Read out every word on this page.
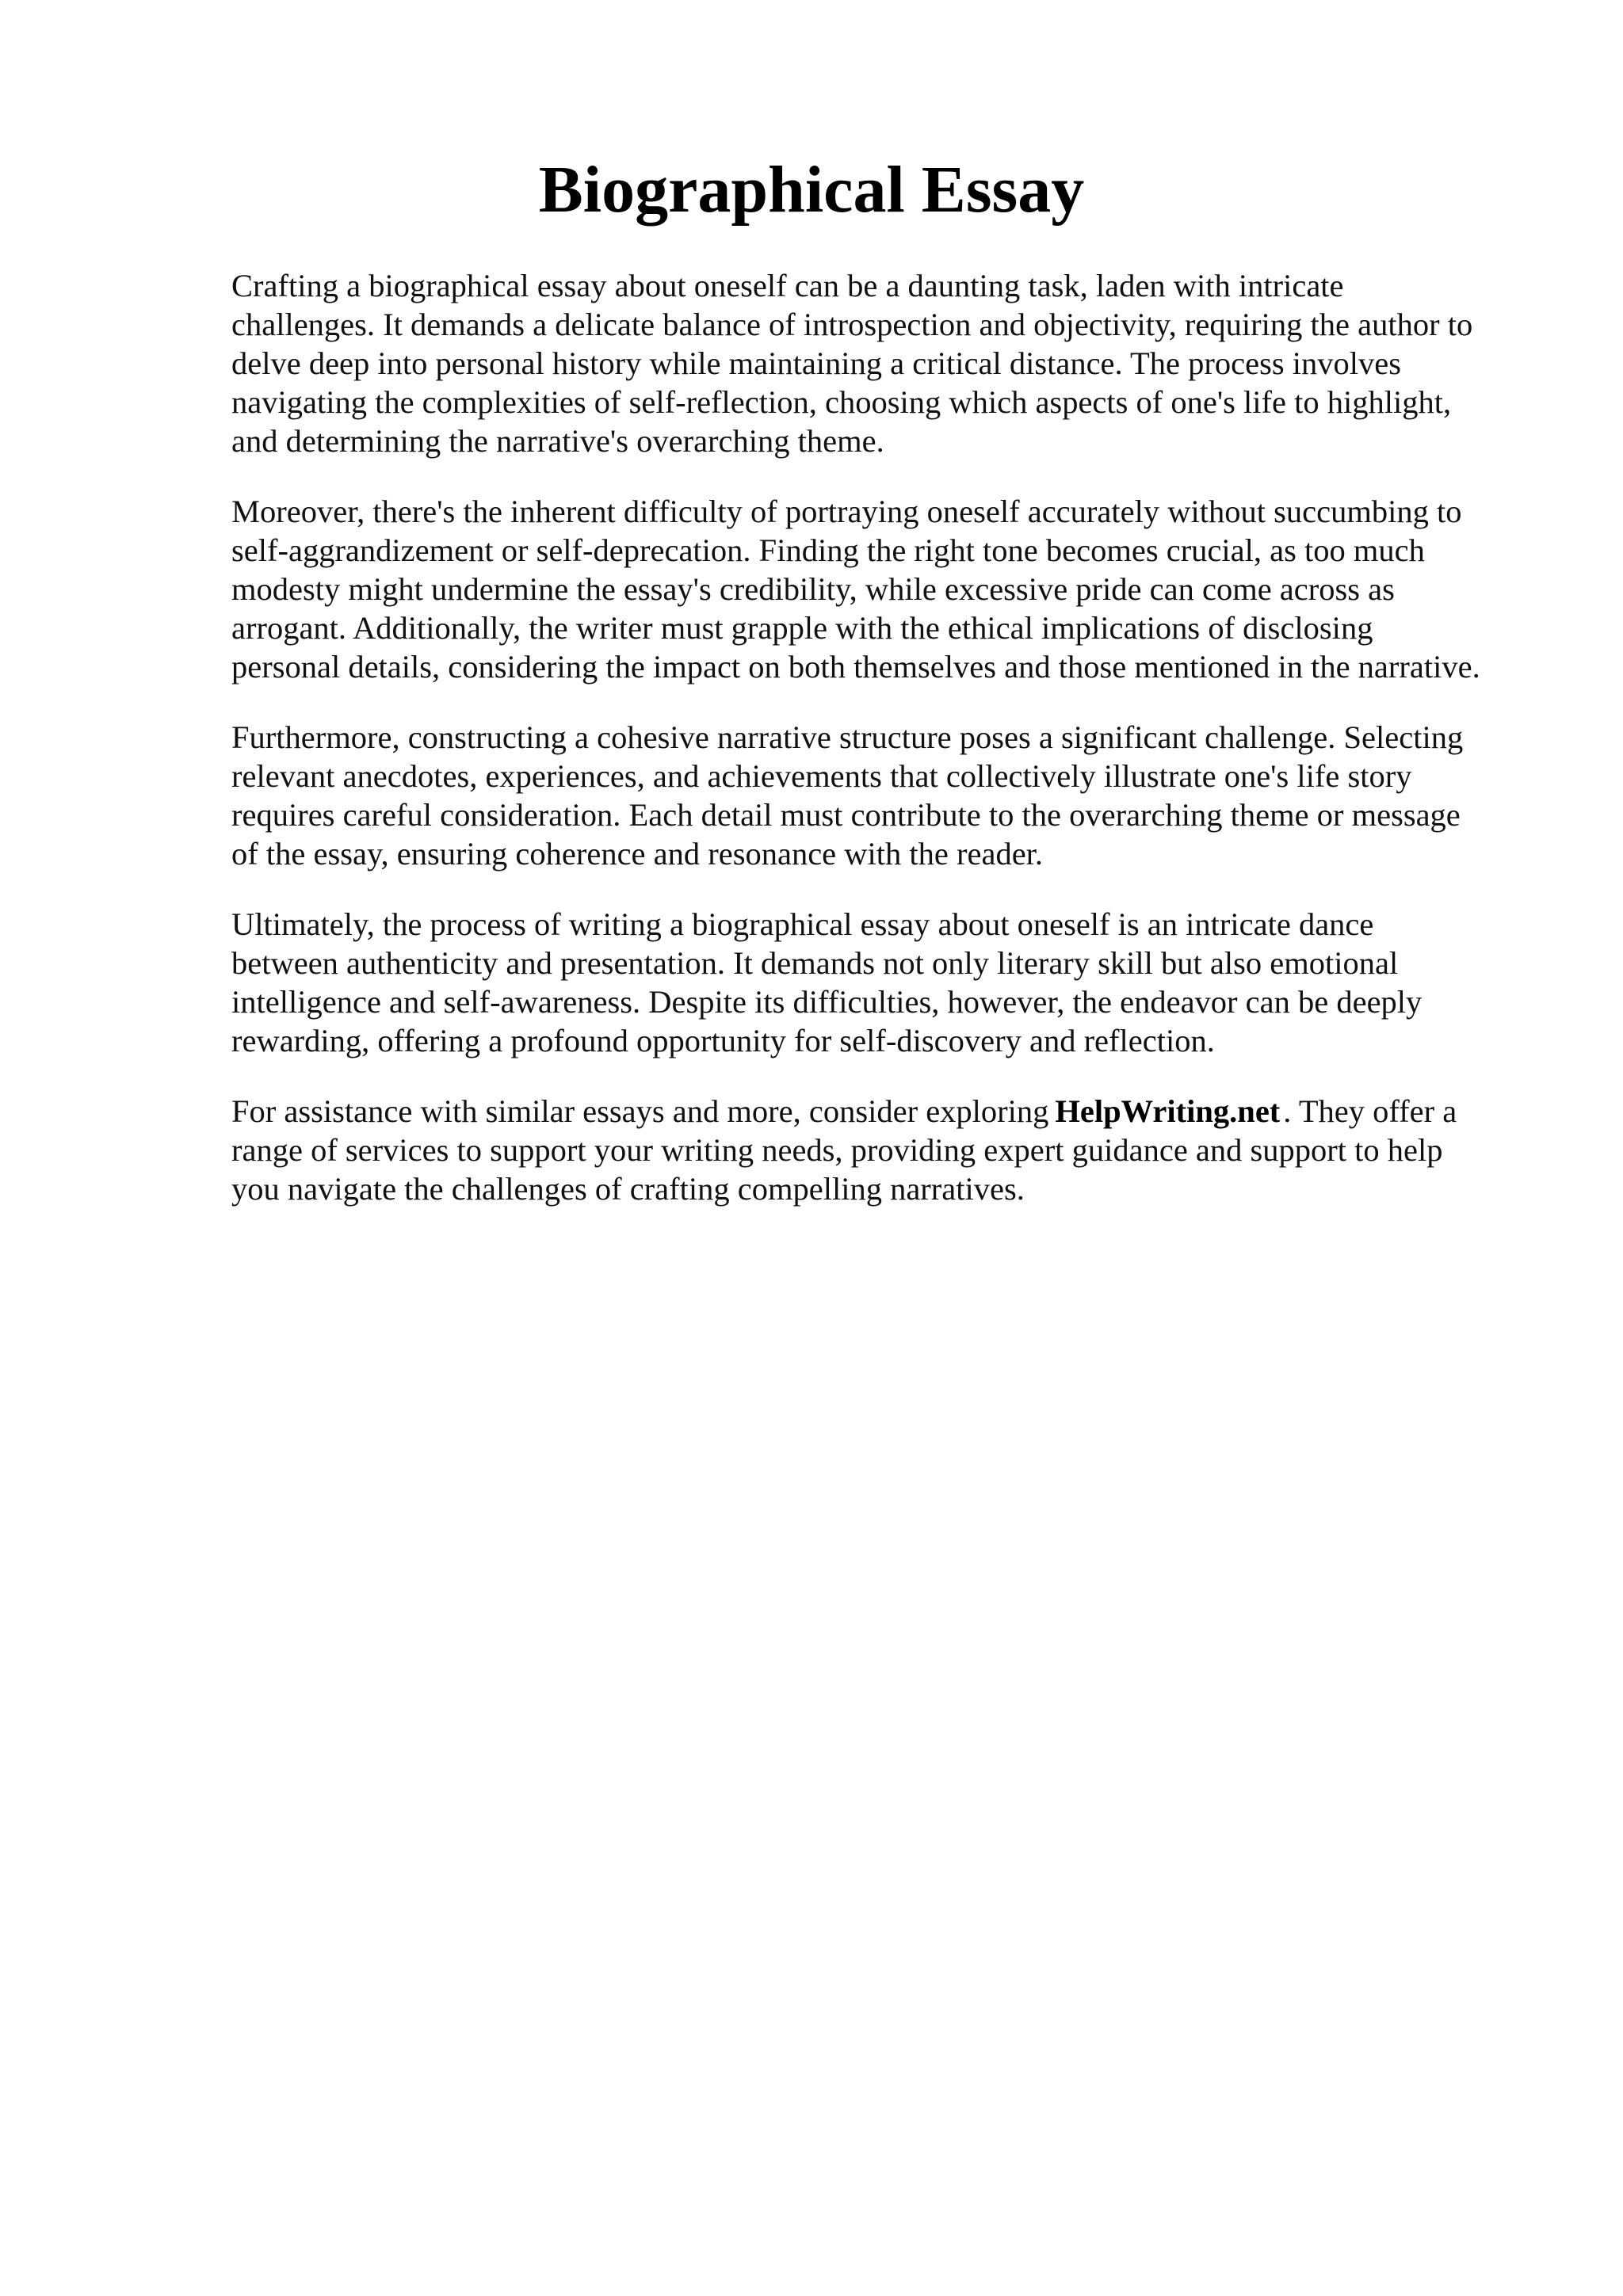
Biographical Essay

Crafting a biographical essay about oneself can be a daunting task, laden with intricate
challenges. It demands a delicate balance of introspection and objectivity, requiring the author to
delve deep into personal history while maintaining a critical distance. The process involves
navigating the complexities of self-reflection, choosing which aspects of one's life to highlight,
and determining the narrative's overarching theme.

Moreover, there's the inherent difficulty of portraying oneself accurately without succumbing to
self-aggrandizement or self-deprecation. Finding the right tone becomes crucial, as too much
modesty might undermine the essay's credibility, while excessive pride can come across as
arrogant. Additionally, the writer must grapple with the ethical implications of disclosing
personal details, considering the impact on both themselves and those mentioned in the narrative.

Furthermore, constructing a cohesive narrative structure poses a significant challenge. Selecting
relevant anecdotes, experiences, and achievements that collectively illustrate one's life story
requires careful consideration. Each detail must contribute to the overarching theme or message
of the essay, ensuring coherence and resonance with the reader.

Ultimately, the process of writing a biographical essay about oneself is an intricate dance
between authenticity and presentation. It demands not only literary skill but also emotional
intelligence and self-awareness. Despite its difficulties, however, the endeavor can be deeply
rewarding, offering a profound opportunity for self-discovery and reflection.

For assistance with similar essays and more, consider exploring HelpWriting.net. They offer a
range of services to support your writing needs, providing expert guidance and support to help
you navigate the challenges of crafting compelling narratives.
